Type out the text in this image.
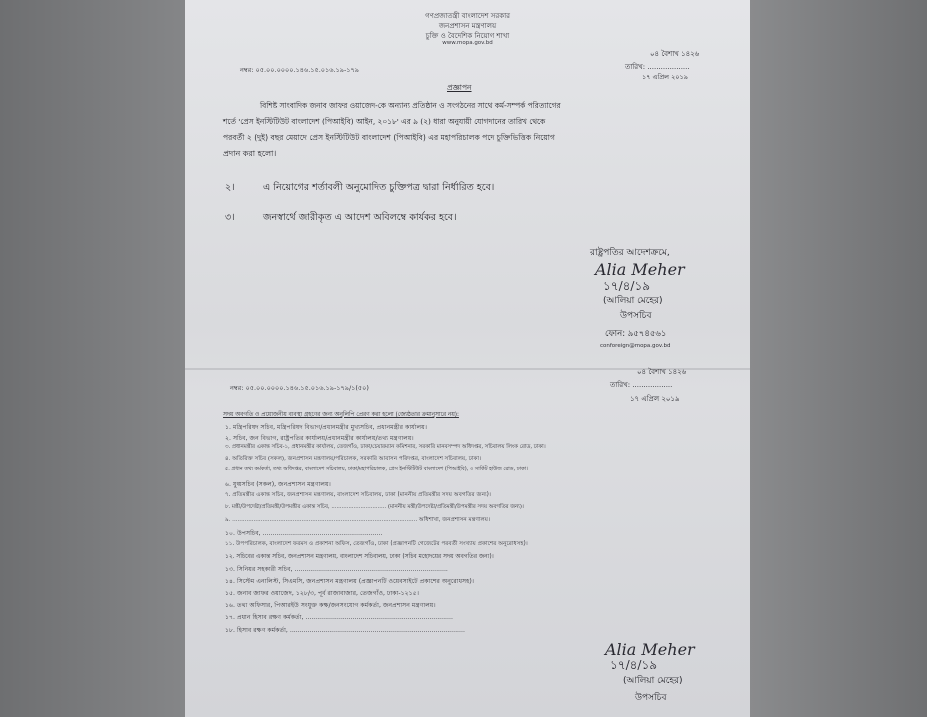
গণপ্রজাতন্ত্রী বাংলাদেশ সরকার
জনপ্রশাসন মন্ত্রণালয়
চুক্তি ও বৈদেশিক নিয়োগ শাখা
www.mopa.gov.bd
০৪ বৈশাখ ১৪২৬
নম্বর: ০৫.০০.০০০০.১৪৬.১৫.০১৬.১৯-১৭৯	তারিখ: ...................
১৭ এপ্রিল ২০১৯
প্রজ্ঞাপন
বিশিষ্ট সাংবাদিক জনাব জাফর ওয়াজেদ-কে অন্যান্য প্রতিষ্ঠান ও সংগঠনের সাথে কর্ম-সম্পর্ক পরিত্যাগের
শর্তে 'প্রেস ইনস্টিটিউট বাংলাদেশ (পিআইবি) আইন, ২০১৮' এর ৯ (২) ধারা অনুযায়ী যোগদানের তারিখ থেকে
পরবর্তী ২ (দুই) বছর মেয়াদে প্রেস ইনস্টিটিউট বাংলাদেশ (পিআইবি) এর মহাপরিচালক পদে চুক্তিভিত্তিক নিয়োগ
প্রদান করা হলো।
২।	এ নিয়োগের শর্তাবলী অনুমোদিত চুক্তিপত্র দ্বারা নির্ধারিত হবে।
৩।	জনস্বার্থে জারীকৃত এ আদেশ অবিলম্বে কার্যকর হবে।
রাষ্ট্রপতির আদেশক্রমে,
Alia Meher
১৭/৪/১৯
(আলিয়া মেহের)
উপসচিব
ফোন: ৯৫৭৪৫৬১
conforeign@mopa.gov.bd
নম্বর: ০৫.০০.০০০০.১৪৬.১৫.০১৬.১৯-১৭৯/১(৫০)
০৪ বৈশাখ ১৪২৬
তারিখ: ..................
১৭ এপ্রিল ২০১৯
সদয় অবগতি ও প্রয়োজনীয় ব্যবস্থা গ্রহণের জন্য অনুলিপি প্রেরণ করা হলো (জ্যেষ্ঠতার ক্রমানুসারে নয়):
১. মন্ত্রিপরিষদ সচিব, মন্ত্রিপরিষদ বিভাগ/প্রধানমন্ত্রীর মুখ্যসচিব, প্রধানমন্ত্রীর কার্যালয়।
২. সচিব, জন বিভাগ, রাষ্ট্রপতির কার্যালয়/প্রধানমন্ত্রীর কার্যালয়/তথ্য মন্ত্রণালয়।
৩. প্রধানমন্ত্রীর একান্ত সচিব-১, প্রধানমন্ত্রীর কার্যালয়, তেজগাঁও, ঢাকা/চেয়ারম্যান কমিশনার, সরকারি মানবসম্পদ অধিদপ্তর, সচিবালয় লিংক রোড, ঢাকা।
৪. অতিরিক্ত সচিব (সকল), জনপ্রশাসন মন্ত্রণালয়/পরিচালক, সরকারি আবাসন পরিদপ্তর, বাংলাদেশ সচিবালয়, ঢাকা।
৫. প্রধান তথ্য কর্মকর্তা, তথ্য অধিদপ্তর, বাংলাদেশ সচিবালয়, ঢাকা/মহাপরিচালক, প্রেস ইনস্টিটিউট বাংলাদেশ (পিআইবি), ৩ সার্কিট হাউজ রোড, ঢাকা।
৬. যুগ্মসচিব (সকল), জনপ্রশাসন মন্ত্রণালয়।
৭. প্রতিমন্ত্রীর একান্ত সচিব, জনপ্রশাসন মন্ত্রণালয়, বাংলাদেশ সচিবালয়, ঢাকা (মাননীয় প্রতিমন্ত্রীর সদয় অবগতির জন্য)।
৮. মন্ত্রী/উপদেষ্টা/প্রতিমন্ত্রী/উপমন্ত্রীর একান্ত সচিব, ................................ (মাননীয় মন্ত্রী/উপদেষ্টা/প্রতিমন্ত্রী/উপমন্ত্রীর সদয় অবগতির জন্য)।
৯. ........................................................................................................ অধিশাখা, জনপ্রশাসন মন্ত্রণালয়।
১০. উপসচিব, .............................................................
১১. উপপরিচালক, বাংলাদেশ ফরমস ও প্রকাশনা অফিস, তেজগাঁও, ঢাকা (প্রজ্ঞাপনটি গেজেটের পরবর্তী সংখ্যায় প্রকাশের অনুরোধসহ)।
১২. সচিবের একান্ত সচিব, জনপ্রশাসন মন্ত্রণালয়, বাংলাদেশ সচিবালয়, ঢাকা (সচিব মহোদয়ের সদয় অবগতির জন্য)।
১৩. সিনিয়র সহকারী সচিব, ..............................................................................
১৪. সিস্টেম এনালিস্ট, সিএমসি, জনপ্রশাসন মন্ত্রণালয় (প্রজ্ঞাপনটি ওয়েবসাইটে প্রকাশের অনুরোধসহ)।
১৫. জনাব জাফর ওয়াজেদ, ১২৮/৩, পূর্ব রাজাবাজার, তেজগাঁও, ঢাকা-১২১৫।
১৬. তথ্য অফিসার, পিআরইউ সংযুক্ত কক্ষ/জনসংযোগ কর্মকর্তা, জনপ্রশাসন মন্ত্রণালয়।
১৭. প্রধান হিসাব রক্ষণ কর্মকর্তা, ...........................................................................
১৮. হিসাব রক্ষণ কর্মকর্তা, .........................................................................................
Alia Meher
১৭/৪/১৯
(আলিয়া মেহের)
উপসচিব
